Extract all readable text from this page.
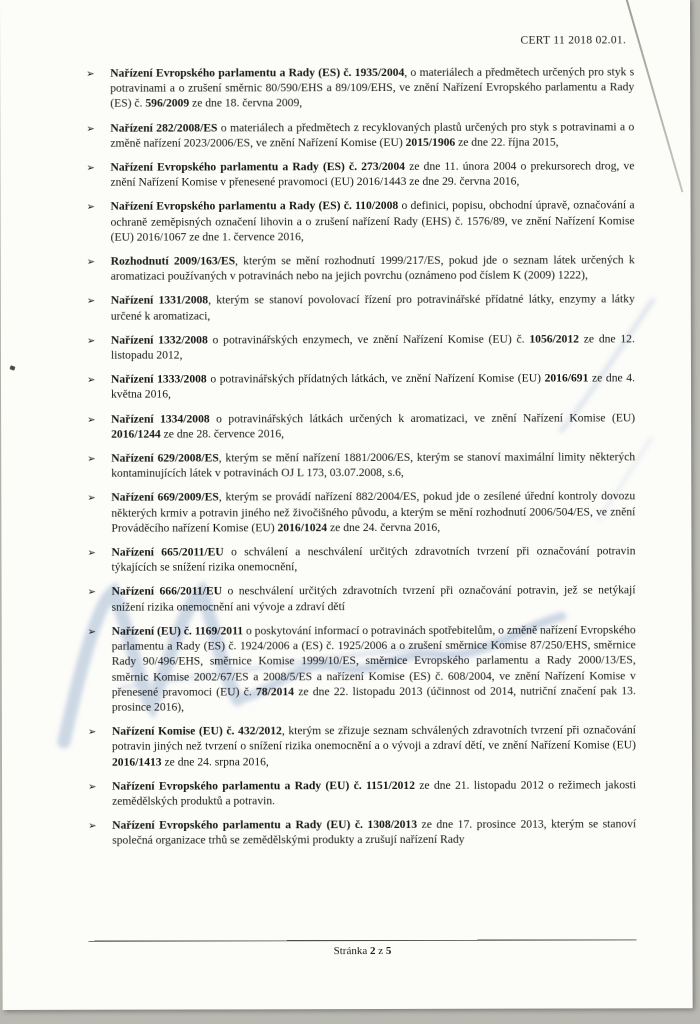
CERT 11 2018 02.01.
➢	Nařízení Evropského parlamentu a Rady (ES) č. 1935/2004, o materiálech a předmětech určených pro styk s potravinami a o zrušení směrnic 80/590/EHS a 89/109/EHS, ve znění Nařízení Evropského parlamentu a Rady (ES) č. 596/2009 ze dne 18. června 2009,
➢	Nařízení 282/2008/ES o materiálech a předmětech z recyklovaných plastů určených pro styk s potravinami a o změně nařízení 2023/2006/ES, ve znění Nařízení Komise (EU) 2015/1906 ze dne 22. října 2015,
➢	Nařízení Evropského parlamentu a Rady (ES) č. 273/2004 ze dne 11. února 2004 o prekursorech drog, ve znění Nařízení Komise v přenesené pravomoci (EU) 2016/1443 ze dne 29. června 2016,
➢	Nařízení Evropského parlamentu a Rady (ES) č. 110/2008 o definici, popisu, obchodní úpravě, označování a ochraně zeměpisných označení lihovin a o zrušení nařízení Rady (EHS) č. 1576/89, ve znění Nařízení Komise (EU) 2016/1067 ze dne 1. července 2016,
➢	Rozhodnutí 2009/163/ES, kterým se mění rozhodnutí 1999/217/ES, pokud jde o seznam látek určených k aromatizaci používaných v potravinách nebo na jejich povrchu (oznámeno pod číslem K (2009) 1222),
➢	Nařízení 1331/2008, kterým se stanoví povolovací řízení pro potravinářské přídatné látky, enzymy a látky určené k aromatizaci,
➢	Nařízení 1332/2008 o potravinářských enzymech, ve znění Nařízení Komise (EU) č. 1056/2012 ze dne 12. listopadu 2012,
➢	Nařízení 1333/2008 o potravinářských přídatných látkách, ve znění Nařízení Komise (EU) 2016/691 ze dne 4. května 2016,
➢	Nařízení 1334/2008 o potravinářských látkách určených k aromatizaci, ve znění Nařízení Komise (EU) 2016/1244 ze dne 28. července 2016,
➢	Nařízení 629/2008/ES, kterým se mění nařízení 1881/2006/ES, kterým se stanoví maximální limity některých kontaminujících látek v potravinách OJ L 173, 03.07.2008, s.6,
➢	Nařízení 669/2009/ES, kterým se provádí nařízení 882/2004/ES, pokud jde o zesílené úřední kontroly dovozu některých krmiv a potravin jiného než živočišného původu, a kterým se mění rozhodnutí 2006/504/ES, ve znění Prováděcího nařízení Komise (EU) 2016/1024 ze dne 24. června 2016,
➢	Nařízení 665/2011/EU o schválení a neschválení určitých zdravotních tvrzení při označování potravin týkajících se snížení rizika onemocnění,
➢	Nařízení 666/2011/EU o neschválení určitých zdravotních tvrzení při označování potravin, jež se netýkají snížení rizika onemocnění ani vývoje a zdraví dětí
➢	Nařízení (EU) č. 1169/2011 o poskytování informací o potravinách spotřebitelům, o změně nařízení Evropského parlamentu a Rady (ES) č. 1924/2006 a (ES) č. 1925/2006 a o zrušení směrnice Komise 87/250/EHS, směrnice Rady 90/496/EHS, směrnice Komise 1999/10/ES, směrnice Evropského parlamentu a Rady 2000/13/ES, směrnic Komise 2002/67/ES a 2008/5/ES a nařízení Komise (ES) č. 608/2004, ve znění Nařízení Komise v přenesené pravomoci (EU) č. 78/2014 ze dne 22. listopadu 2013 (účinnost od 2014, nutriční značení pak 13. prosince 2016),
➢	Nařízení Komise (EU) č. 432/2012, kterým se zřizuje seznam schválených zdravotních tvrzení při označování potravin jiných než tvrzení o snížení rizika onemocnění a o vývoji a zdraví dětí, ve znění Nařízení Komise (EU) 2016/1413 ze dne 24. srpna 2016,
➢	Nařízení Evropského parlamentu a Rady (EU) č. 1151/2012 ze dne 21. listopadu 2012 o režimech jakosti zemědělských produktů a potravin.
➢	Nařízení Evropského parlamentu a Rady (EU) č. 1308/2013 ze dne 17. prosince 2013, kterým se stanoví společná organizace trhů se zemědělskými produkty a zrušují nařízení Rady
Stránka 2 z 5
